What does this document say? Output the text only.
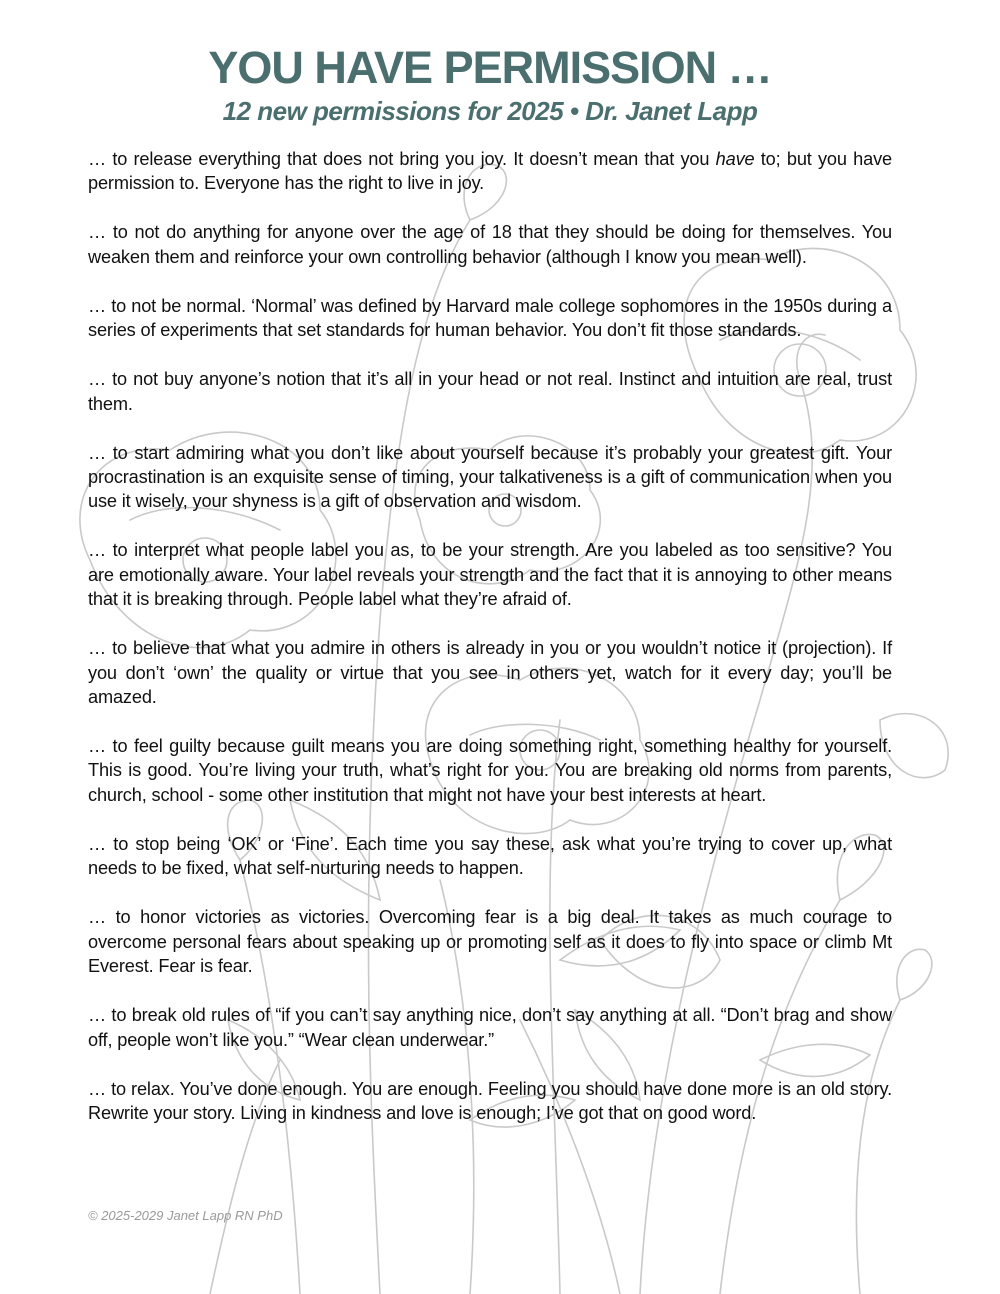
YOU HAVE PERMISSION …
12 new permissions for 2025 • Dr. Janet Lapp

… to release everything that does not bring you joy. It doesn’t mean that you have to; but you have permission to. Everyone has the right to live in joy.

… to not do anything for anyone over the age of 18 that they should be doing for themselves. You weaken them and reinforce your own controlling behavior (although I know you mean well).

… to not be normal. ‘Normal’ was defined by Harvard male college sophomores in the 1950s during a series of experiments that set standards for human behavior. You don’t fit those standards.

… to not buy anyone’s notion that it’s all in your head or not real. Instinct and intuition are real, trust them.

… to start admiring what you don’t like about yourself because it’s probably your greatest gift. Your procrastination is an exquisite sense of timing, your talkativeness is a gift of communication when you use it wisely, your shyness is a gift of observation and wisdom.

… to interpret what people label you as, to be your strength. Are you labeled as too sensitive? You are emotionally aware. Your label reveals your strength and the fact that it is annoying to other means that it is breaking through. People label what they’re afraid of.

… to believe that what you admire in others is already in you or you wouldn’t notice it (projection). If you don’t ‘own’ the quality or virtue that you see in others yet, watch for it every day; you’ll be amazed.

… to feel guilty because guilt means you are doing something right, something healthy for yourself. This is good. You’re living your truth, what’s right for you. You are breaking old norms from parents, church, school - some other institution that might not have your best interests at heart.

… to stop being ‘OK’ or ‘Fine’. Each time you say these, ask what you’re trying to cover up, what needs to be fixed, what self-nurturing needs to happen.

… to honor victories as victories. Overcoming fear is a big deal. It takes as much courage to overcome personal fears about speaking up or promoting self as it does to fly into space or climb Mt Everest. Fear is fear.

… to break old rules of “if you can’t say anything nice, don’t say anything at all. “Don’t brag and show off, people won’t like you.” “Wear clean underwear.”

… to relax. You’ve done enough. You are enough. Feeling you should have done more is an old story. Rewrite your story. Living in kindness and love is enough; I’ve got that on good word.

© 2025-2029 Janet Lapp RN PhD
